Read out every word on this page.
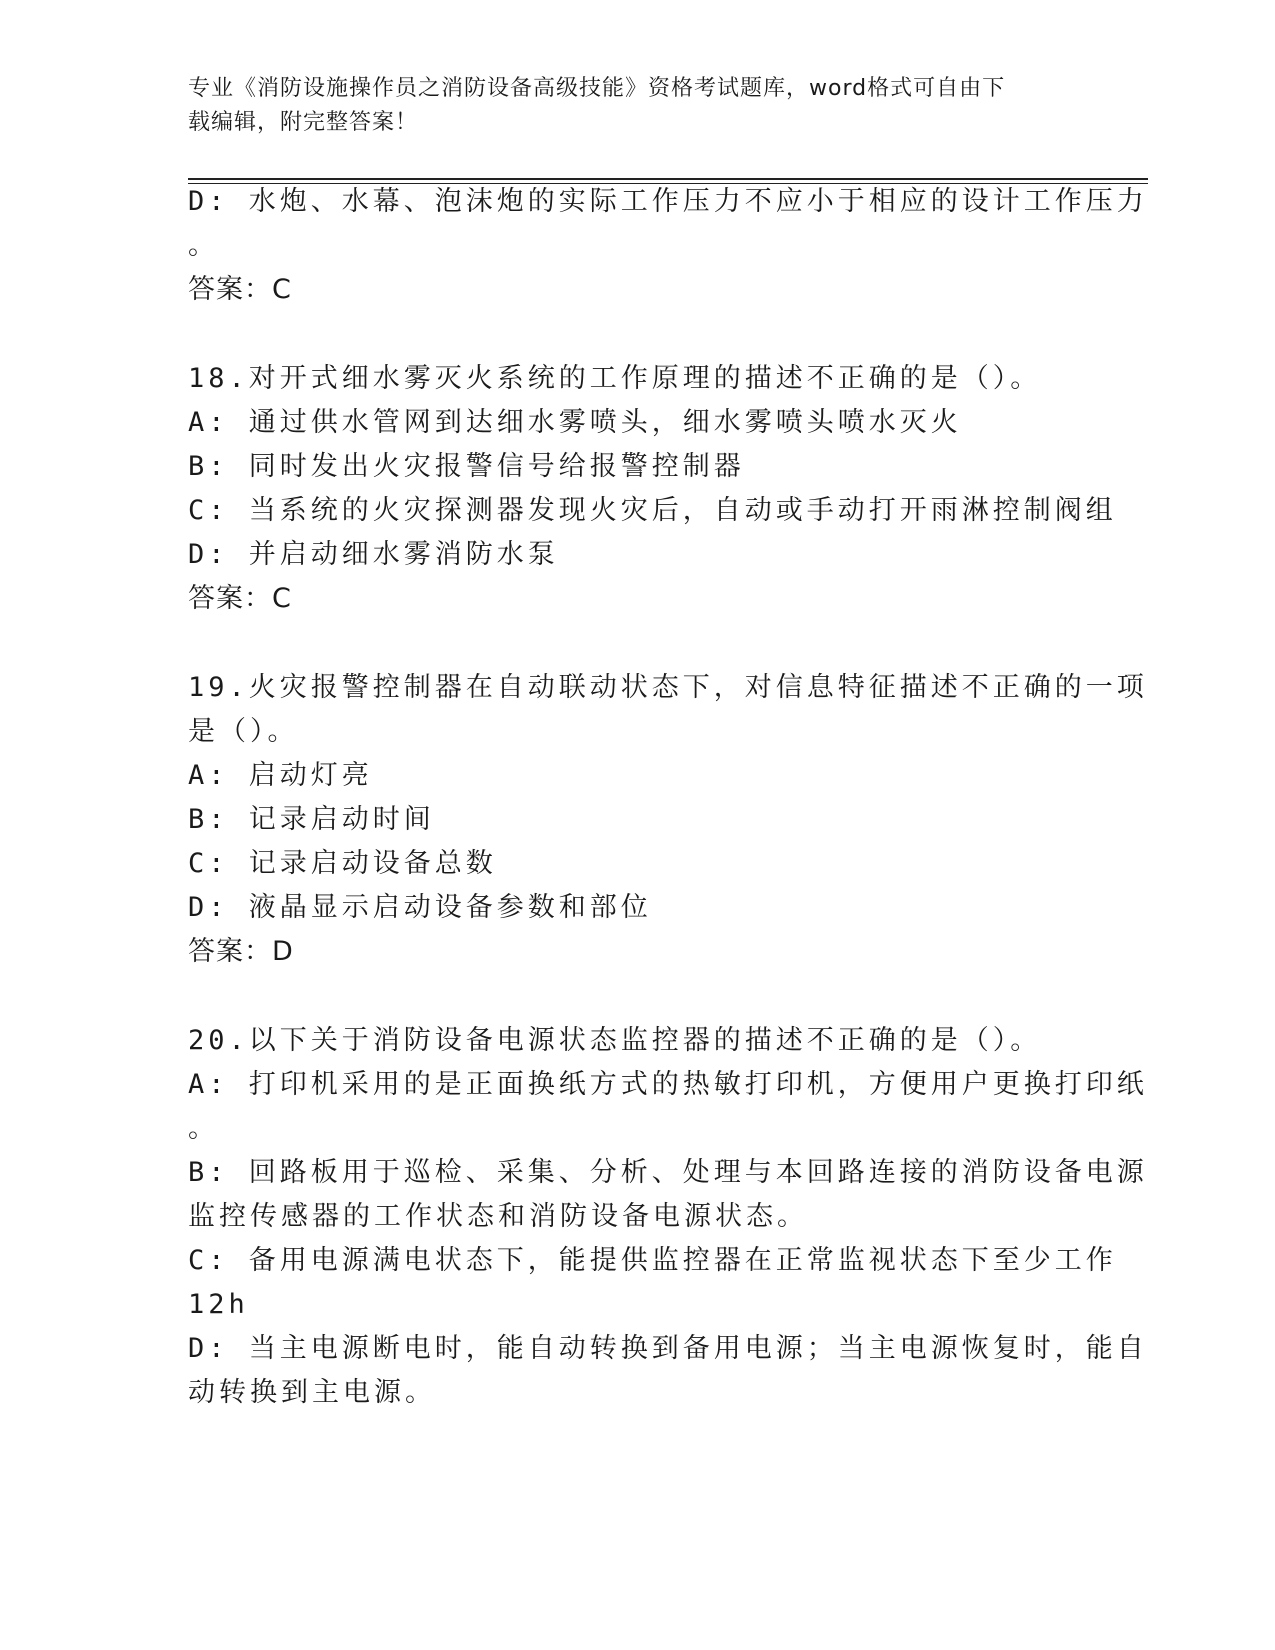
专业《消防设施操作员之消防设备高级技能》资格考试题库，word格式可自由下
载编辑，附完整答案！
D: 水炮、水幕、泡沫炮的实际工作压力不应小于相应的设计工作压力
。
答案：C
18.对开式细水雾灭火系统的工作原理的描述不正确的是（）。
A: 通过供水管网到达细水雾喷头，细水雾喷头喷水灭火
B: 同时发出火灾报警信号给报警控制器
C: 当系统的火灾探测器发现火灾后，自动或手动打开雨淋控制阀组
D: 并启动细水雾消防水泵
答案：C
19.火灾报警控制器在自动联动状态下，对信息特征描述不正确的一项
是（）。
A: 启动灯亮
B: 记录启动时间
C: 记录启动设备总数
D: 液晶显示启动设备参数和部位
答案：D
20.以下关于消防设备电源状态监控器的描述不正确的是（）。
A: 打印机采用的是正面换纸方式的热敏打印机，方便用户更换打印纸
。
B: 回路板用于巡检、采集、分析、处理与本回路连接的消防设备电源
监控传感器的工作状态和消防设备电源状态。
C: 备用电源满电状态下，能提供监控器在正常监视状态下至少工作
12h
D: 当主电源断电时，能自动转换到备用电源；当主电源恢复时，能自
动转换到主电源。
